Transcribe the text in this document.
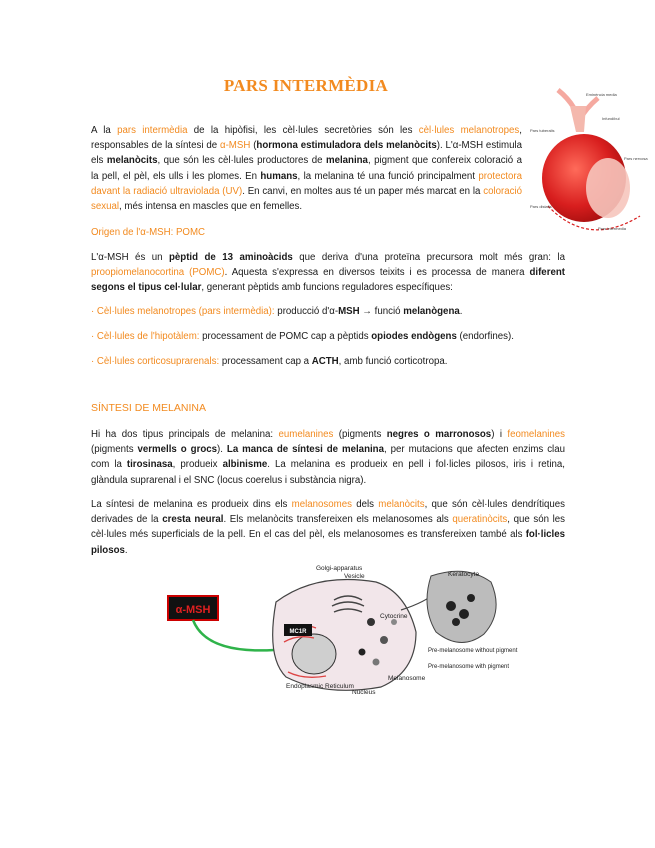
PARS INTERMÈDIA	Eminència media
Infundíbul
Pars tuberalis
Pars nervosa
Pars distalis
Pars intermedia

A la pars intermèdia de la hipòfisi, les cèl·lules secretòries són les cèl·lules melanotropes, responsables de la síntesi de α-MSH (hormona estimuladora dels melanòcits). L'α-MSH estimula els melanòcits, que són les cèl·lules productores de melanina, pigment que confereix coloració a la pell, el pèl, els ulls i les plomes. En humans, la melanina té una funció principalment protectora davant la radiació ultraviolada (UV). En canvi, en moltes aus té un paper més marcat en la coloració sexual, més intensa en mascles que en femelles.

Origen de l'α-MSH: POMC

L'α-MSH és un pèptid de 13 aminoàcids que deriva d'una proteïna precursora molt més gran: la proopiomelanocortina (POMC). Aquesta s'expressa en diversos teixits i es processa de manera diferent segons el tipus cel·lular, generant pèptids amb funcions reguladores específiques:

· Cèl·lules melanotropes (pars intermèdia): producció d'α-MSH → funció melanògena.
· Cèl·lules de l'hipotàlem: processament de POMC cap a pèptids opiodes endògens (endorfines).
· Cèl·lules corticosuprarenals: processament cap a ACTH, amb funció corticotropa.
SÍNTESI DE MELANINA

Hi ha dos tipus principals de melanina: eumelanines (pigments negres o marronosos) i feomelanines (pigments vermells o grocs). La manca de síntesi de melanina, per mutacions que afecten enzims clau com la tirosinasa, produeix albinisme. La melanina es produeix en pell i fol·licles pilosos, iris i retina, glàndula suprarenal i el SNC (locus coerelus i substància nigra).

La síntesi de melanina es produeix dins els melanosomes dels melanòcits, que són cèl·lules dendrítiques derivades de la cresta neural. Els melanòcits transfereixen els melanosomes als queratinòcits, que són les cèl·lules més superficials de la pell. En el cas del pèl, els melanosomes es transfereixen també als fol·licles pilosos.

α-MSH
MC1R
Golgi-apparatus
Vesicle	Keratocyte
Cytocrine
Pre-melanosome without pigment
Pre-melanosome with pigment
Melanosome
Endoplasmic Reticulum
Nucleus
